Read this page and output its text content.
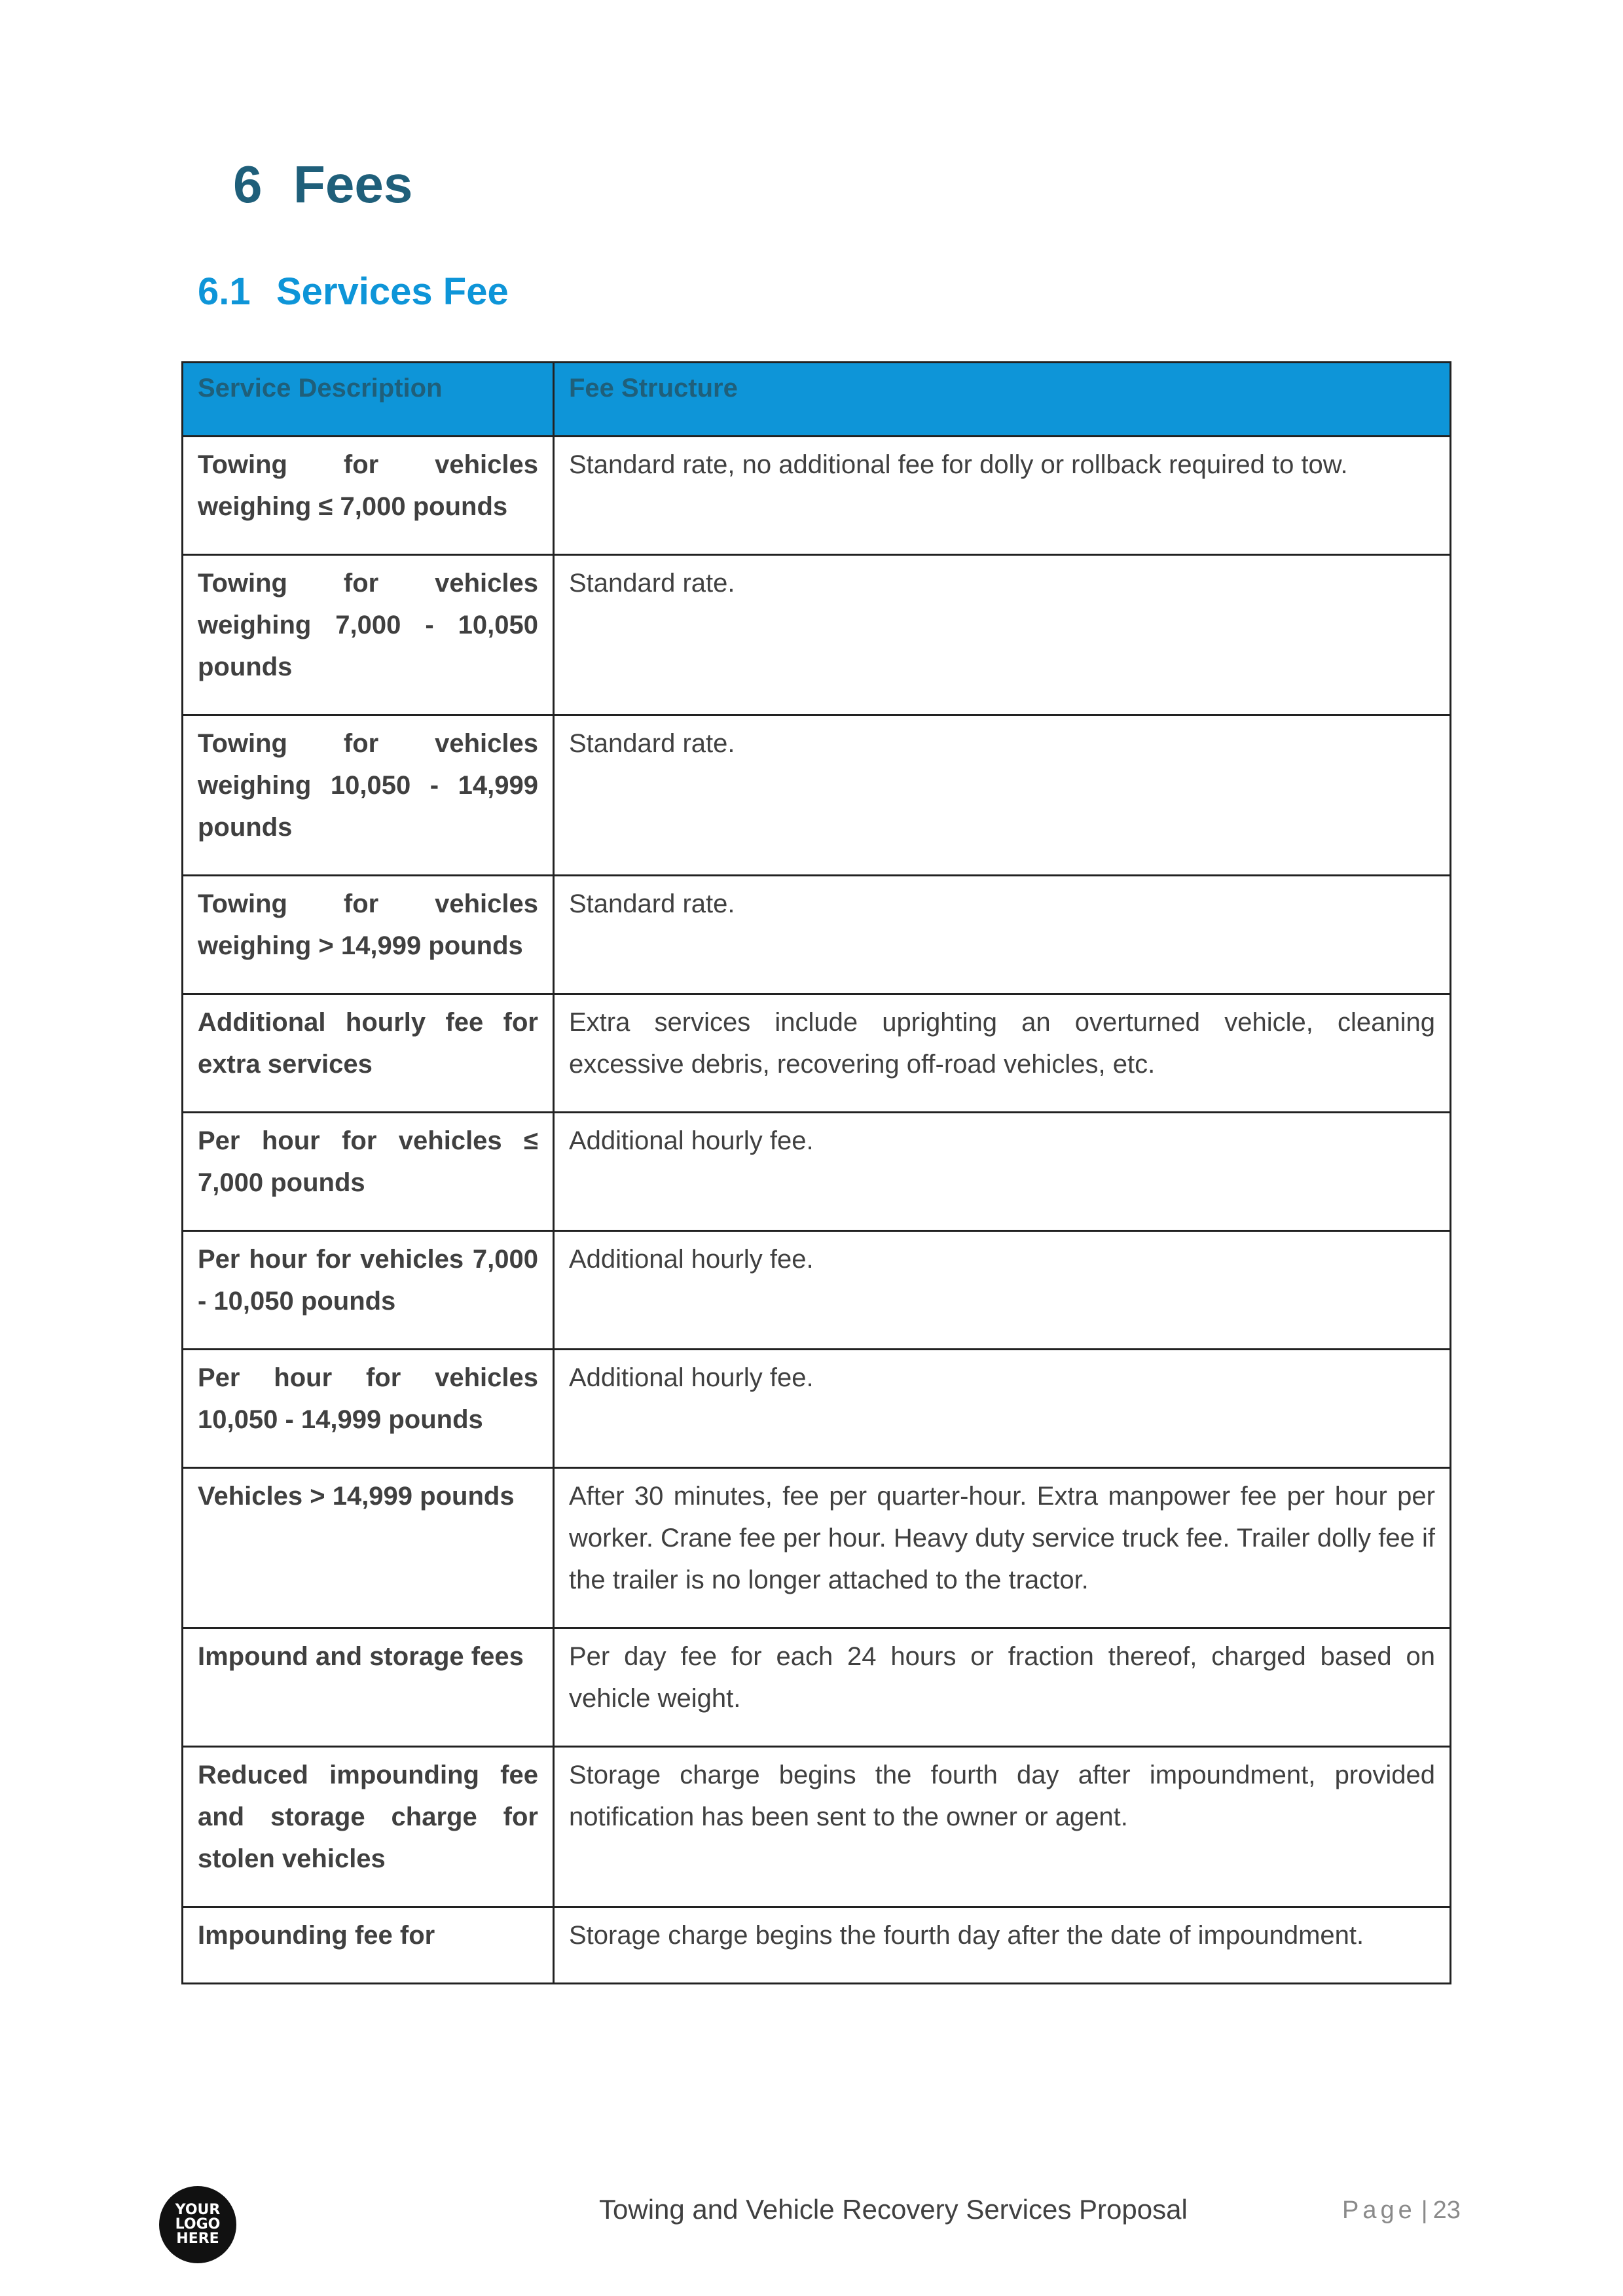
6 Fees
6.1 Services Fee
Service Description	Fee Structure
Towing for vehicles weighing ≤ 7,000 pounds	Standard rate, no additional fee for dolly or rollback required to tow.
Towing for vehicles weighing 7,000 - 10,050 pounds	Standard rate.
Towing for vehicles weighing 10,050 - 14,999 pounds	Standard rate.
Towing for vehicles weighing > 14,999 pounds	Standard rate.
Additional hourly fee for extra services	Extra services include uprighting an overturned vehicle, cleaning excessive debris, recovering off-road vehicles, etc.
Per hour for vehicles ≤ 7,000 pounds	Additional hourly fee.
Per hour for vehicles 7,000 - 10,050 pounds	Additional hourly fee.
Per hour for vehicles 10,050 - 14,999 pounds	Additional hourly fee.
Vehicles > 14,999 pounds	After 30 minutes, fee per quarter-hour. Extra manpower fee per hour per worker. Crane fee per hour. Heavy duty service truck fee. Trailer dolly fee if the trailer is no longer attached to the tractor.
Impound and storage fees	Per day fee for each 24 hours or fraction thereof, charged based on vehicle weight.
Reduced impounding fee and storage charge for stolen vehicles	Storage charge begins the fourth day after impoundment, provided notification has been sent to the owner or agent.
Impounding fee for	Storage charge begins the fourth day after the date of impoundment.
YOUR
LOGO
HERE
Towing and Vehicle Recovery Services Proposal	Page | 23
